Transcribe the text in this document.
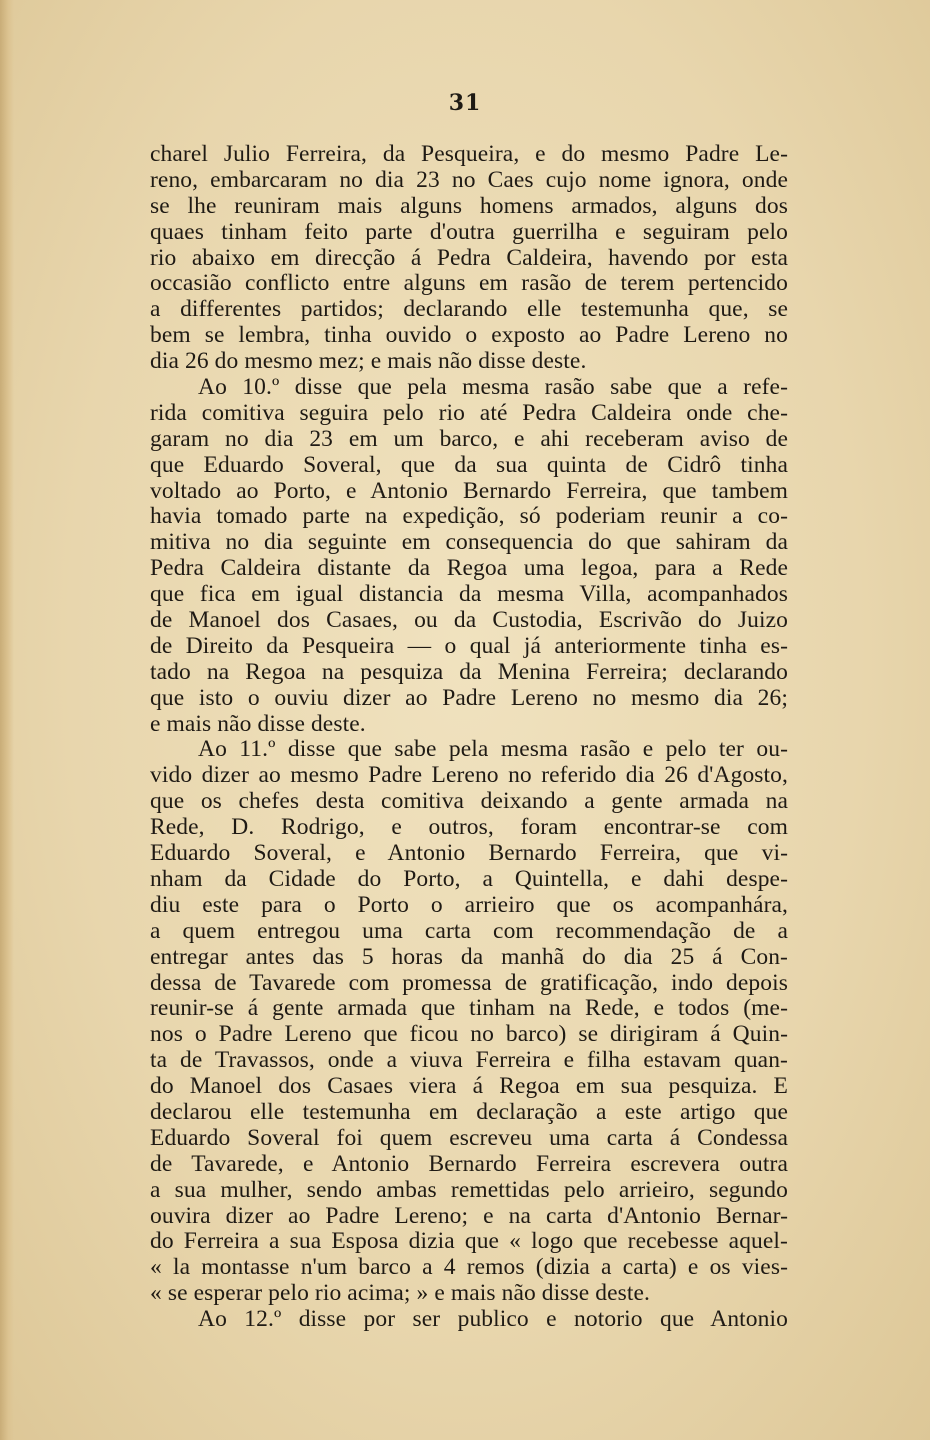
31
charel Julio Ferreira, da Pesqueira, e do mesmo Padre Le-
reno, embarcaram no dia 23 no Caes cujo nome ignora, onde
se lhe reuniram mais alguns homens armados, alguns dos
quaes tinham feito parte d'outra guerrilha e seguiram pelo
rio abaixo em direcção á Pedra Caldeira, havendo por esta
occasião conflicto entre alguns em rasão de terem pertencido
a differentes partidos; declarando elle testemunha que, se
bem se lembra, tinha ouvido o exposto ao Padre Lereno no
dia 26 do mesmo mez; e mais não disse deste.
Ao 10.º disse que pela mesma rasão sabe que a refe-
rida comitiva seguira pelo rio até Pedra Caldeira onde che-
garam no dia 23 em um barco, e ahi receberam aviso de
que Eduardo Soveral, que da sua quinta de Cidrô tinha
voltado ao Porto, e Antonio Bernardo Ferreira, que tambem
havia tomado parte na expedição, só poderiam reunir a co-
mitiva no dia seguinte em consequencia do que sahiram da
Pedra Caldeira distante da Regoa uma legoa, para a Rede
que fica em igual distancia da mesma Villa, acompanhados
de Manoel dos Casaes, ou da Custodia, Escrivão do Juizo
de Direito da Pesqueira — o qual já anteriormente tinha es-
tado na Regoa na pesquiza da Menina Ferreira; declarando
que isto o ouviu dizer ao Padre Lereno no mesmo dia 26;
e mais não disse deste.
Ao 11.º disse que sabe pela mesma rasão e pelo ter ou-
vido dizer ao mesmo Padre Lereno no referido dia 26 d'Agosto,
que os chefes desta comitiva deixando a gente armada na
Rede, D. Rodrigo, e outros, foram encontrar-se com
Eduardo Soveral, e Antonio Bernardo Ferreira, que vi-
nham da Cidade do Porto, a Quintella, e dahi despe-
diu este para o Porto o arrieiro que os acompanhára,
a quem entregou uma carta com recommendação de a
entregar antes das 5 horas da manhã do dia 25 á Con-
dessa de Tavarede com promessa de gratificação, indo depois
reunir-se á gente armada que tinham na Rede, e todos (me-
nos o Padre Lereno que ficou no barco) se dirigiram á Quin-
ta de Travassos, onde a viuva Ferreira e filha estavam quan-
do Manoel dos Casaes viera á Regoa em sua pesquiza. E
declarou elle testemunha em declaração a este artigo que
Eduardo Soveral foi quem escreveu uma carta á Condessa
de Tavarede, e Antonio Bernardo Ferreira escrevera outra
a sua mulher, sendo ambas remettidas pelo arrieiro, segundo
ouvira dizer ao Padre Lereno; e na carta d'Antonio Bernar-
do Ferreira a sua Esposa dizia que « logo que recebesse aquel-
« la montasse n'um barco a 4 remos (dizia a carta) e os vies-
« se esperar pelo rio acima; » e mais não disse deste.
Ao 12.º disse por ser publico e notorio que Antonio
